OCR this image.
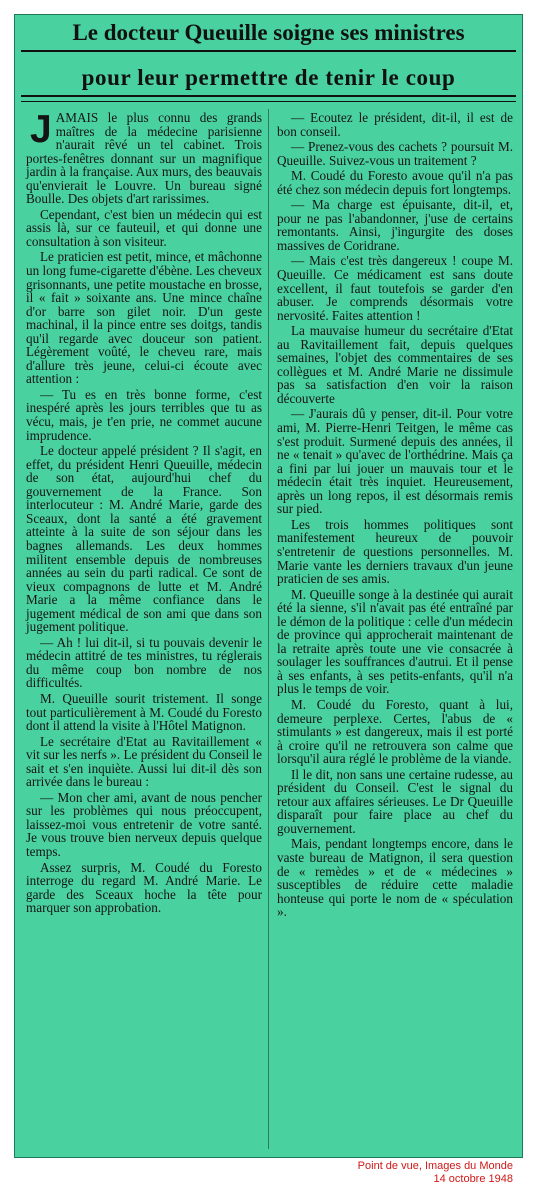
Le docteur Queuille soigne ses ministres
pour leur permettre de tenir le coup

JAMAIS le plus connu des grands maîtres de la médecine parisienne n'aurait rêvé un tel cabinet. Trois portes-fenêtres donnant sur un magnifique jardin à la française. Aux murs, des beauvais qu'envierait le Louvre. Un bureau signé Boulle. Des objets d'art rarissimes.

Cependant, c'est bien un médecin qui est assis là, sur ce fauteuil, et qui donne une consultation à son visiteur.

Le praticien est petit, mince, et mâchonne un long fume-cigarette d'ébène. Les cheveux grisonnants, une petite moustache en brosse, il « fait » soixante ans. Une mince chaîne d'or barre son gilet noir. D'un geste machinal, il la pince entre ses doitgs, tandis qu'il regarde avec douceur son patient. Légèrement voûté, le cheveu rare, mais d'allure très jeune, celui-ci écoute avec attention :

— Tu es en très bonne forme, c'est inespéré après les jours terribles que tu as vécu, mais, je t'en prie, ne commet aucune imprudence.

Le docteur appelé président ? Il s'agit, en effet, du président Henri Queuille, médecin de son état, aujourd'hui chef du gouvernement de la France. Son interlocuteur : M. André Marie, garde des Sceaux, dont la santé a été gravement atteinte à la suite de son séjour dans les bagnes allemands. Les deux hommes militent ensemble depuis de nombreuses années au sein du parti radical. Ce sont de vieux compagnons de lutte et M. André Marie a la même confiance dans le jugement médical de son ami que dans son jugement politique.

— Ah ! lui dit-il, si tu pouvais devenir le médecin attitré de tes ministres, tu réglerais du même coup bon nombre de nos difficultés.

M. Queuille sourit tristement. Il songe tout particulièrement à M. Coudé du Foresto dont il attend la visite à l'Hôtel Matignon.

Le secrétaire d'Etat au Ravitaillement « vit sur les nerfs ». Le président du Conseil le sait et s'en inquiète. Aussi lui dit-il dès son arrivée dans le bureau :

— Mon cher ami, avant de nous pencher sur les problèmes qui nous préoccupent, laissez-moi vous entretenir de votre santé. Je vous trouve bien nerveux depuis quelque temps.

Assez surpris, M. Coudé du Foresto interroge du regard M. André Marie. Le garde des Sceaux hoche la tête pour marquer son approbation.

— Ecoutez le président, dit-il, il est de bon conseil.

— Prenez-vous des cachets ? poursuit M. Queuille. Suivez-vous un traitement ?

M. Coudé du Foresto avoue qu'il n'a pas été chez son médecin depuis fort longtemps.

— Ma charge est épuisante, dit-il, et, pour ne pas l'abandonner, j'use de certains remontants. Ainsi, j'ingurgite des doses massives de Coridrane.

— Mais c'est très dangereux ! coupe M. Queuille. Ce médicament est sans doute excellent, il faut toutefois se garder d'en abuser. Je comprends désormais votre nervosité. Faites attention !

La mauvaise humeur du secrétaire d'Etat au Ravitaillement fait, depuis quelques semaines, l'objet des commentaires de ses collègues et M. André Marie ne dissimule pas sa satisfaction d'en voir la raison découverte

— J'aurais dû y penser, dit-il. Pour votre ami, M. Pierre-Henri Teitgen, le même cas s'est produit. Surmené depuis des années, il ne « tenait » qu'avec de l'orthédrine. Mais ça a fini par lui jouer un mauvais tour et le médecin était très inquiet. Heureusement, après un long repos, il est désormais remis sur pied.

Les trois hommes politiques sont manifestement heureux de pouvoir s'entretenir de questions personnelles. M. Marie vante les derniers travaux d'un jeune praticien de ses amis.

M. Queuille songe à la destinée qui aurait été la sienne, s'il n'avait pas été entraîné par le démon de la politique : celle d'un médecin de province qui approcherait maintenant de la retraite après toute une vie consacrée à soulager les souffrances d'autrui. Et il pense à ses enfants, à ses petits-enfants, qu'il n'a plus le temps de voir.

M. Coudé du Foresto, quant à lui, demeure perplexe. Certes, l'abus de « stimulants » est dangereux, mais il est porté à croire qu'il ne retrouvera son calme que lorsqu'il aura réglé le problème de la viande.

Il le dit, non sans une certaine rudesse, au président du Conseil. C'est le signal du retour aux affaires sérieuses. Le Dr Queuille disparaît pour faire place au chef du gouvernement.

Mais, pendant longtemps encore, dans le vaste bureau de Matignon, il sera question de « remèdes » et de « médecines » susceptibles de réduire cette maladie honteuse qui porte le nom de « spéculation ».

Point de vue, Images du Monde
14 octobre 1948
